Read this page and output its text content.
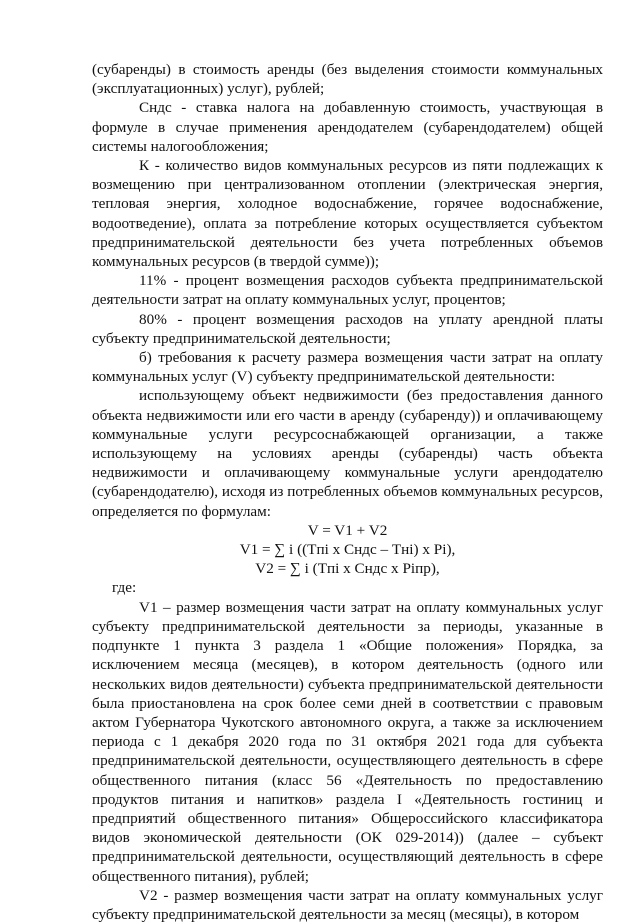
(субаренды) в стоимость аренды (без выделения стоимости коммунальных (эксплуатационных) услуг), рублей;

Cндс - ставка налога на добавленную стоимость, участвующая в формуле в случае применения арендодателем (субарендодателем) общей системы налогообложения;

К - количество видов коммунальных ресурсов из пяти подлежащих к возмещению при централизованном отоплении (электрическая энергия, тепловая энергия, холодное водоснабжение, горячее водоснабжение, водоотведение), оплата за потребление которых осуществляется субъектом предпринимательской деятельности без учета потребленных объемов коммунальных ресурсов (в твердой сумме));

11% - процент возмещения расходов субъекта предпринимательской деятельности затрат на оплату коммунальных услуг, процентов;

80% - процент возмещения расходов на уплату арендной платы субъекту предпринимательской деятельности;

б) требования к расчету размера возмещения части затрат на оплату коммунальных услуг (V) субъекту предпринимательской деятельности:

использующему объект недвижимости (без предоставления данного объекта недвижимости или его части в аренду (субаренду)) и оплачивающему коммунальные услуги ресурсоснабжающей организации, а также использующему на условиях аренды (субаренды) часть объекта недвижимости и оплачивающему коммунальные услуги арендодателю (субарендодателю), исходя из потребленных объемов коммунальных ресурсов, определяется по формулам:

V = V1 + V2

V1 = ∑ i ((Tпi х Cндс – Tнi) х Pi),

V2 = ∑ i (Tпi х Cндс х Piпр),

где:

V1 – размер возмещения части затрат на оплату коммунальных услуг субъекту предпринимательской деятельности за периоды, указанные в подпункте 1 пункта 3 раздела 1 «Общие положения» Порядка, за исключением месяца (месяцев), в котором деятельность (одного или нескольких видов деятельности) субъекта предпринимательской деятельности была приостановлена на срок более семи дней в соответствии с правовым актом Губернатора Чукотского автономного округа, а также за исключением периода с 1 декабря 2020 года по 31 октября 2021 года для субъекта предпринимательской деятельности, осуществляющего деятельность в сфере общественного питания (класс 56 «Деятельность по предоставлению продуктов питания и напитков» раздела I «Деятельность гостиниц и предприятий общественного питания» Общероссийского классификатора видов экономической деятельности (ОК 029-2014)) (далее – субъект предпринимательской деятельности, осуществляющий деятельность в сфере общественного питания), рублей;

V2 - размер возмещения части затрат на оплату коммунальных услуг субъекту предпринимательской деятельности за месяц (месяцы), в котором
